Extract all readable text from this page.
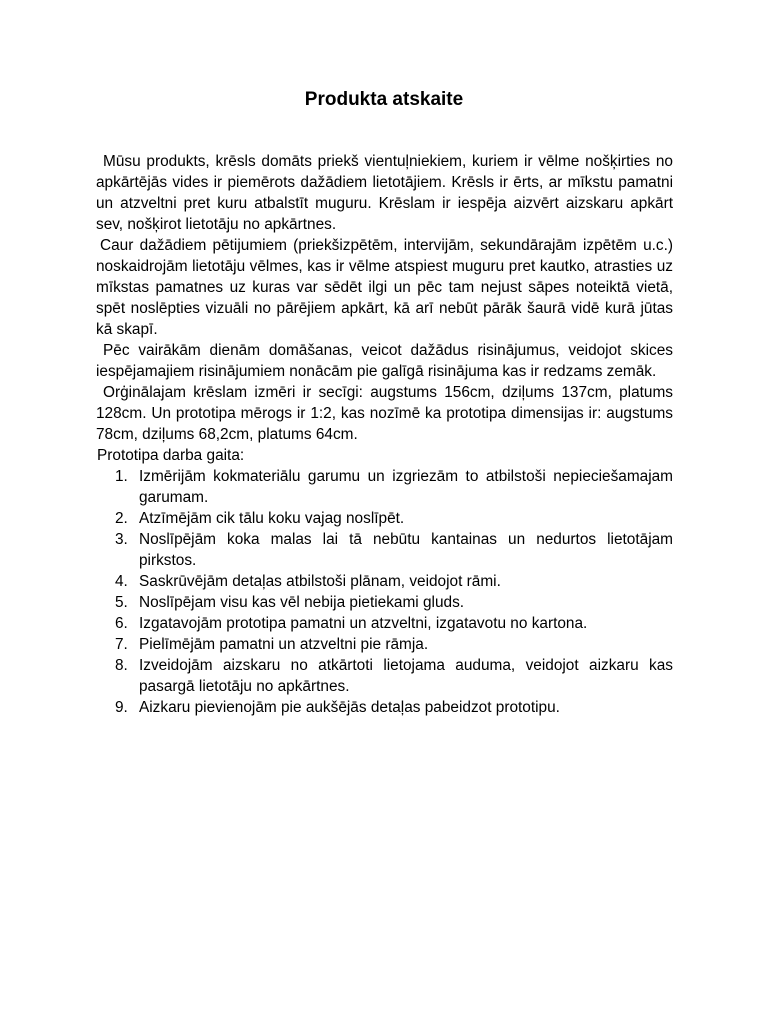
Produkta atskaite

Mūsu produkts, krēsls domāts priekš vientuļniekiem, kuriem ir vēlme nošķirties no apkārtējās vides ir piemērots dažādiem lietotājiem. Krēsls ir ērts, ar mīkstu pamatni un atzveltni pret kuru atbalstīt muguru. Krēslam ir iespēja aizvērt aizskaru apkārt sev, nošķirot lietotāju no apkārtnes.

Caur dažādiem pētijumiem (priekšizpētēm, intervijām, sekundārajām izpētēm u.c.) noskaidrojām lietotāju vēlmes, kas ir vēlme atspiest muguru pret kautko, atrasties uz mīkstas pamatnes uz kuras var sēdēt ilgi un pēc tam nejust sāpes noteiktā vietā, spēt noslēpties vizuāli no pārējiem apkārt, kā arī nebūt pārāk šaurā vidē kurā jūtas kā skapī.

Pēc vairākām dienām domāšanas, veicot dažādus risinājumus, veidojot skices iespējamajiem risinājumiem nonācām pie galīgā risinājuma kas ir redzams zemāk.

Orģinālajam krēslam izmēri ir secīgi: augstums 156cm, dziļums 137cm, platums 128cm. Un prototipa mērogs ir 1:2, kas nozīmē ka prototipa dimensijas ir: augstums 78cm, dziļums 68,2cm, platums 64cm.

Prototipa darba gaita:

1. Izmērijām kokmateriālu garumu un izgriezām to atbilstoši nepieciešamajam garumam.
2. Atzīmējām cik tālu koku vajag noslīpēt.
3. Noslīpējām koka malas lai tā nebūtu kantainas un nedurtos lietotājam pirkstos.
4. Saskrūvējām detaļas atbilstoši plānam, veidojot rāmi.
5. Noslīpējam visu kas vēl nebija pietiekami gluds.
6. Izgatavojām prototipa pamatni un atzveltni, izgatavotu no kartona.
7. Pielīmējām pamatni un atzveltni pie rāmja.
8. Izveidojām aizskaru no atkārtoti lietojama auduma, veidojot aizkaru kas pasargā lietotāju no apkārtnes.
9. Aizkaru pievienojām pie aukšējās detaļas pabeidzot prototipu.
